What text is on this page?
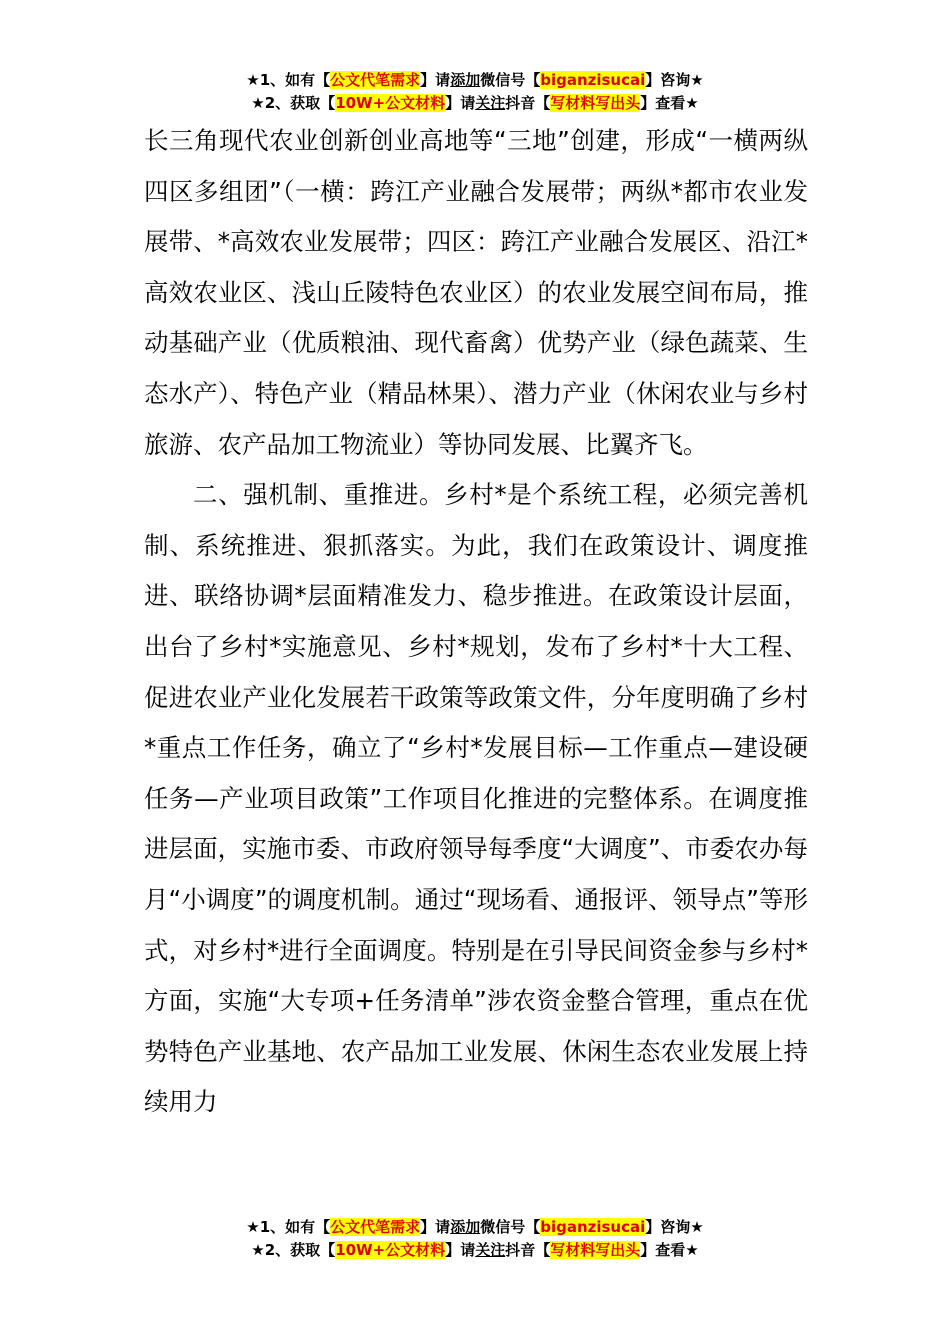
★1、如有【公文代笔需求】请添加微信号【biganzisucai】咨询★
★2、获取【10W+公文材料】请关注抖音【写材料写出头】查看★

长三角现代农业创新创业高地等“三地”创建，形成“一横两纵四区多组团”（一横：跨江产业融合发展带；两纵*都市农业发展带、*高效农业发展带；四区：跨江产业融合发展区、沿江*高效农业区、浅山丘陵特色农业区）的农业发展空间布局，推动基础产业（优质粮油、现代畜禽）优势产业（绿色蔬菜、生态水产）、特色产业（精品林果）、潜力产业（休闲农业与乡村旅游、农产品加工物流业）等协同发展、比翼齐飞。

二、强机制、重推进。乡村*是个系统工程，必须完善机制、系统推进、狠抓落实。为此，我们在政策设计、调度推进、联络协调*层面精准发力、稳步推进。在政策设计层面，出台了乡村*实施意见、乡村*规划，发布了乡村*十大工程、促进农业产业化发展若干政策等政策文件，分年度明确了乡村*重点工作任务，确立了“乡村*发展目标—工作重点—建设硬任务—产业项目政策”工作项目化推进的完整体系。在调度推进层面，实施市委、市政府领导每季度“大调度”、市委农办每月“小调度”的调度机制。通过“现场看、通报评、领导点”等形式，对乡村*进行全面调度。特别是在引导民间资金参与乡村*方面，实施“大专项+任务清单”涉农资金整合管理，重点在优势特色产业基地、农产品加工业发展、休闲生态农业发展上持续用力

★1、如有【公文代笔需求】请添加微信号【biganzisucai】咨询★
★2、获取【10W+公文材料】请关注抖音【写材料写出头】查看★
